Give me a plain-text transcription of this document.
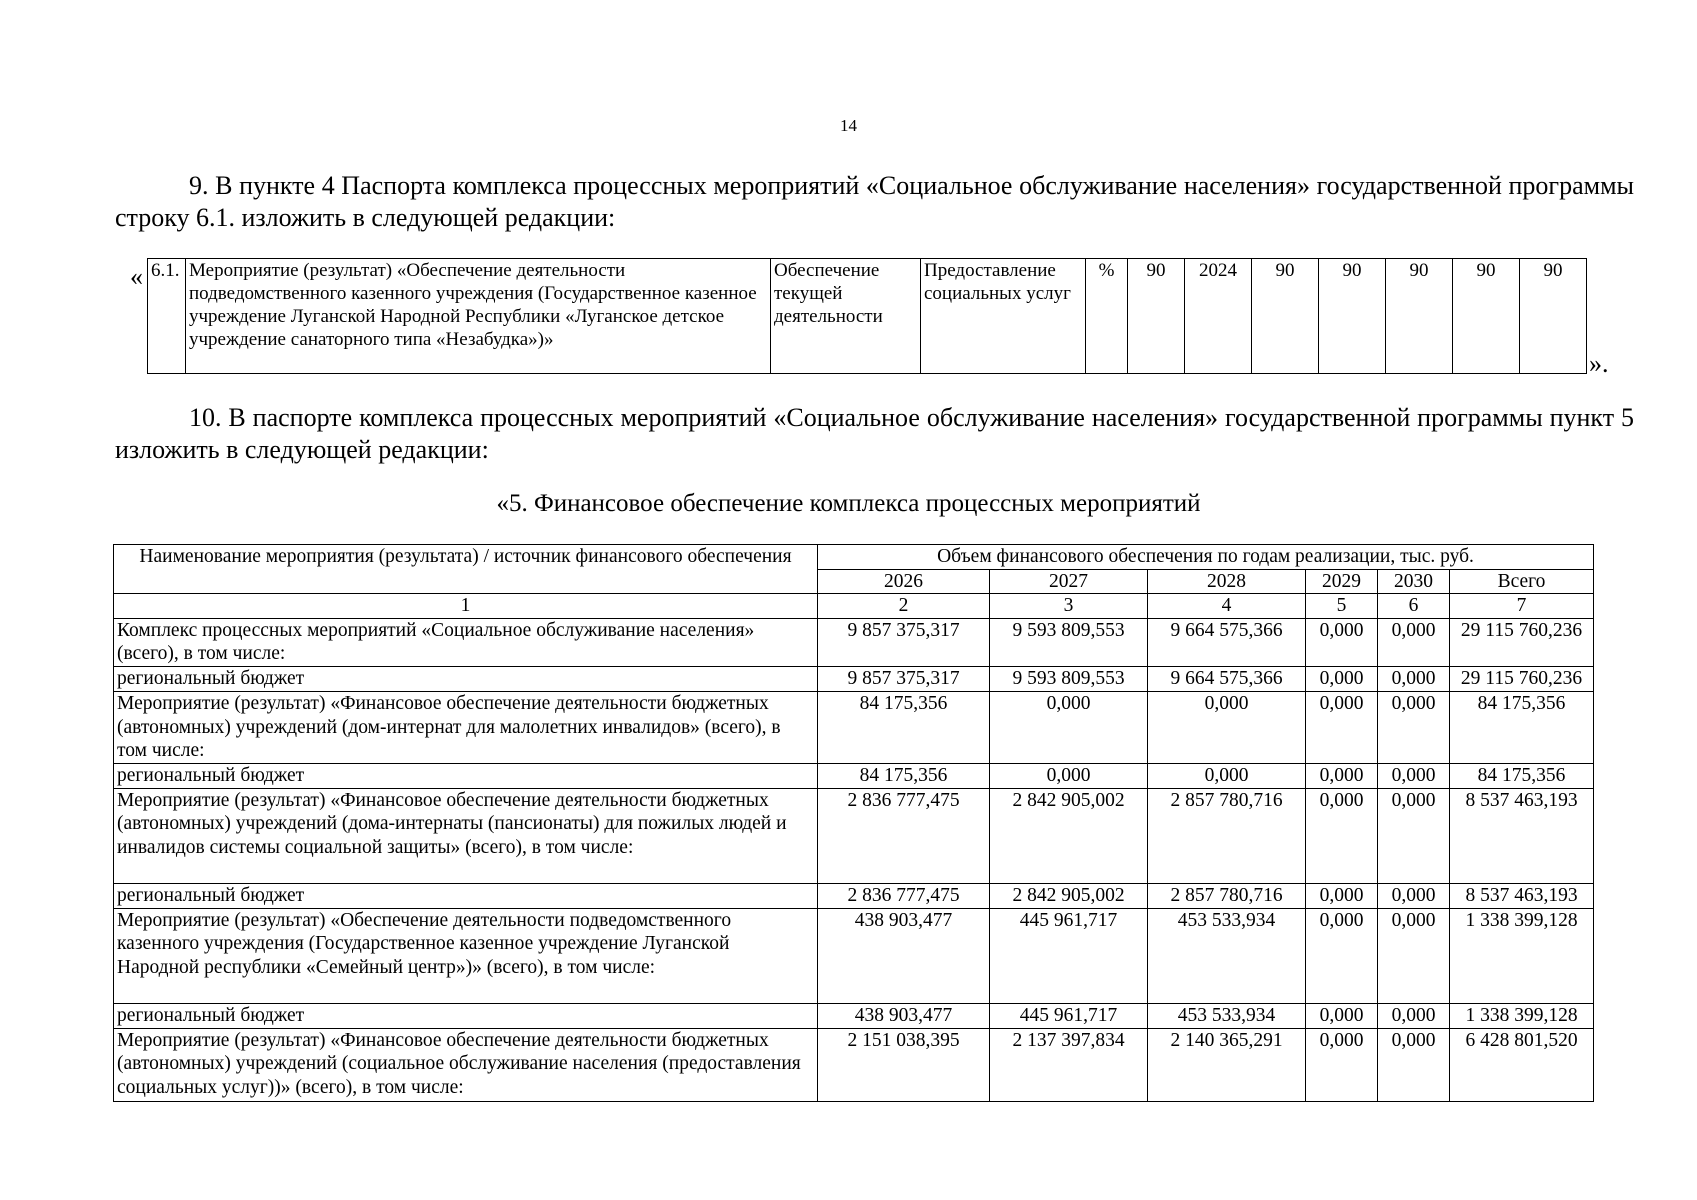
14

9. В пункте 4 Паспорта комплекса процессных мероприятий «Социальное обслуживание населения» государственной программы строку 6.1. изложить в следующей редакции:

« 6.1.	Мероприятие (результат) «Обеспечение деятельности подведомственного казенного учреждения (Государственное казенное учреждение Луганской Народной Республики «Луганское детское учреждение санаторного типа «Незабудка»)»	Обеспечение текущей деятельности	Предоставление социальных услуг	%	90	2024	90	90	90	90	90
».

10. В паспорте комплекса процессных мероприятий «Социальное обслуживание населения» государственной программы пункт 5 изложить в следующей редакции:

«5. Финансовое обеспечение комплекса процессных мероприятий
Наименование мероприятия (результата) / источник финансового обеспечения	Объем финансового обеспечения по годам реализации, тыс. руб.					
	2026	2027	2028	2029	2030	Всего
1	2	3	4	5	6	7
Комплекс процессных мероприятий «Социальное обслуживание населения» (всего), в том числе:	9 857 375,317	9 593 809,553	9 664 575,366	0,000	0,000	29 115 760,236
региональный бюджет	9 857 375,317	9 593 809,553	9 664 575,366	0,000	0,000	29 115 760,236
Мероприятие (результат) «Финансовое обеспечение деятельности бюджетных (автономных) учреждений (дом-интернат для малолетних инвалидов» (всего), в том числе:	84 175,356	0,000	0,000	0,000	0,000	84 175,356
региональный бюджет	84 175,356	0,000	0,000	0,000	0,000	84 175,356
Мероприятие (результат) «Финансовое обеспечение деятельности бюджетных (автономных) учреждений (дома-интернаты (пансионаты) для пожилых людей и инвалидов системы социальной защиты» (всего), в том числе:	2 836 777,475	2 842 905,002	2 857 780,716	0,000	0,000	8 537 463,193
региональный бюджет	2 836 777,475	2 842 905,002	2 857 780,716	0,000	0,000	8 537 463,193
Мероприятие (результат) «Обеспечение деятельности подведомственного казенного учреждения (Государственное казенное учреждение Луганской Народной республики «Семейный центр»)» (всего), в том числе:	438 903,477	445 961,717	453 533,934	0,000	0,000	1 338 399,128
региональный бюджет	438 903,477	445 961,717	453 533,934	0,000	0,000	1 338 399,128
Мероприятие (результат) «Финансовое обеспечение деятельности бюджетных (автономных) учреждений (социальное обслуживание населения (предоставления социальных услуг))» (всего), в том числе:	2 151 038,395	2 137 397,834	2 140 365,291	0,000	0,000	6 428 801,520
